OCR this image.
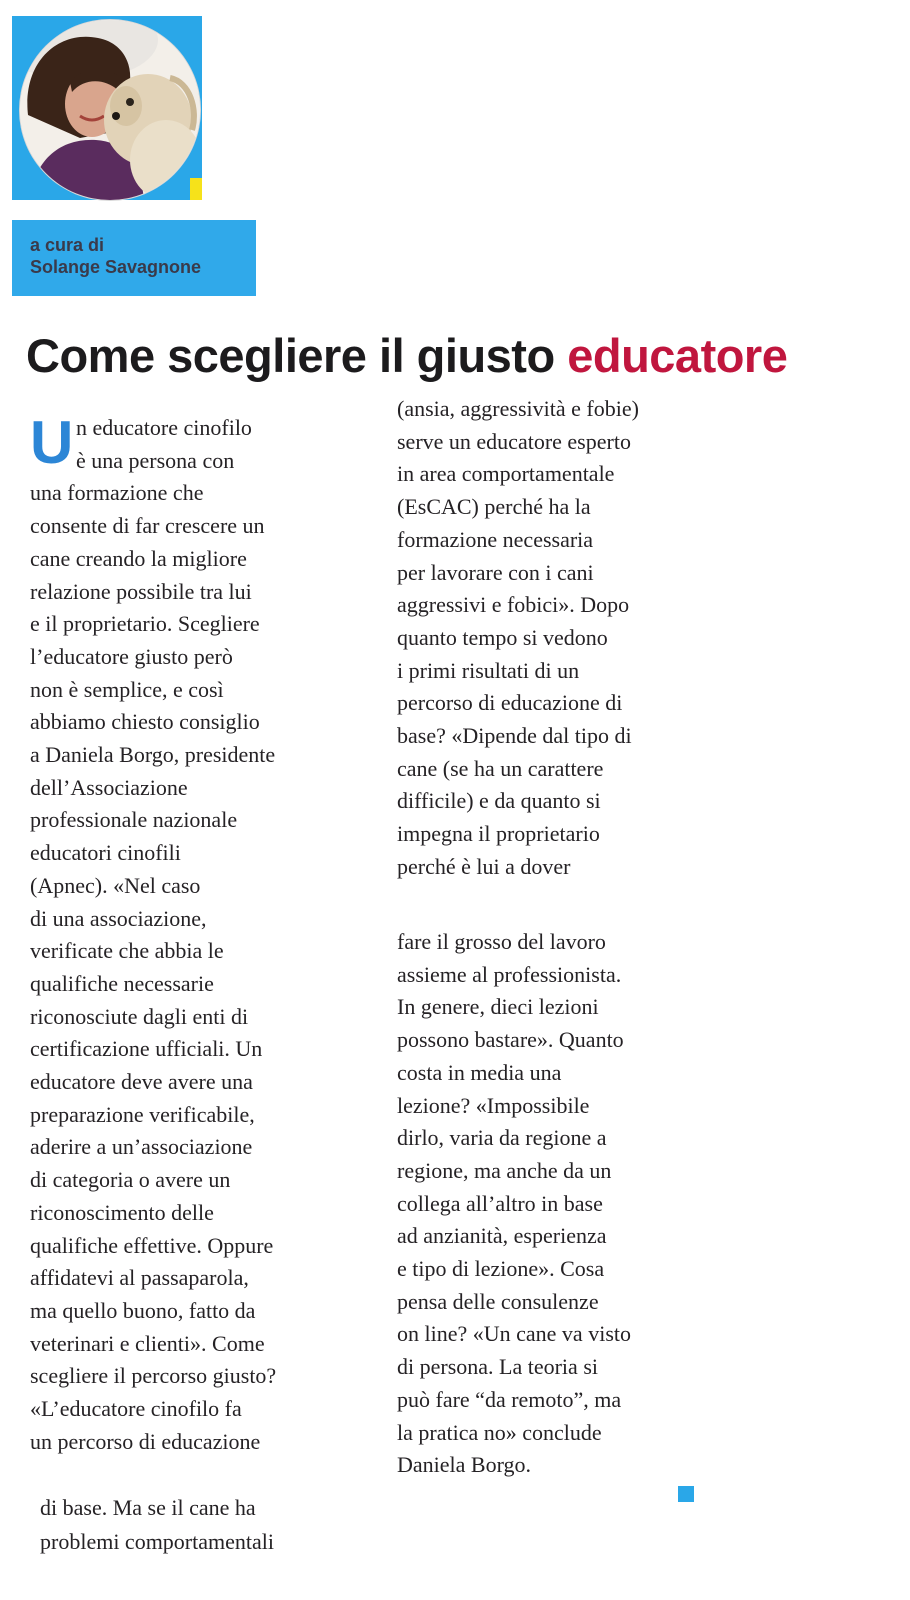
a cura di
Solange Savagnone
Come scegliere il giusto educatore
Un educatore cinofilo
è una persona con
una formazione che
consente di far crescere un
cane creando la migliore
relazione possibile tra lui
e il proprietario. Scegliere
l’educatore giusto però
non è semplice, e così
abbiamo chiesto consiglio
a Daniela Borgo, presidente
dell’Associazione
professionale nazionale
educatori cinofili
(Apnec). «Nel caso
di una associazione,
verificate che abbia le
qualifiche necessarie
riconosciute dagli enti di
certificazione ufficiali. Un
educatore deve avere una
preparazione verificabile,
aderire a un’associazione
di categoria o avere un
riconoscimento delle
qualifiche effettive. Oppure
affidatevi al passaparola,
ma quello buono, fatto da
veterinari e clienti». Come
scegliere il percorso giusto?
«L’educatore cinofilo fa
un percorso di educazione

di base. Ma se il cane ha
problemi comportamentali

(ansia, aggressività e fobie)
serve un educatore esperto
in area comportamentale
(EsCAC) perché ha la
formazione necessaria
per lavorare con i cani
aggressivi e fobici». Dopo
quanto tempo si vedono
i primi risultati di un
percorso di educazione di
base? «Dipende dal tipo di
cane (se ha un carattere
difficile) e da quanto si
impegna il proprietario
perché è lui a dover

fare il grosso del lavoro
assieme al professionista.
In genere, dieci lezioni
possono bastare». Quanto
costa in media una
lezione? «Impossibile
dirlo, varia da regione a
regione, ma anche da un
collega all’altro in base
ad anzianità, esperienza
e tipo di lezione». Cosa
pensa delle consulenze
on line? «Un cane va visto
di persona. La teoria si
può fare “da remoto”, ma
la pratica no» conclude
Daniela Borgo.
